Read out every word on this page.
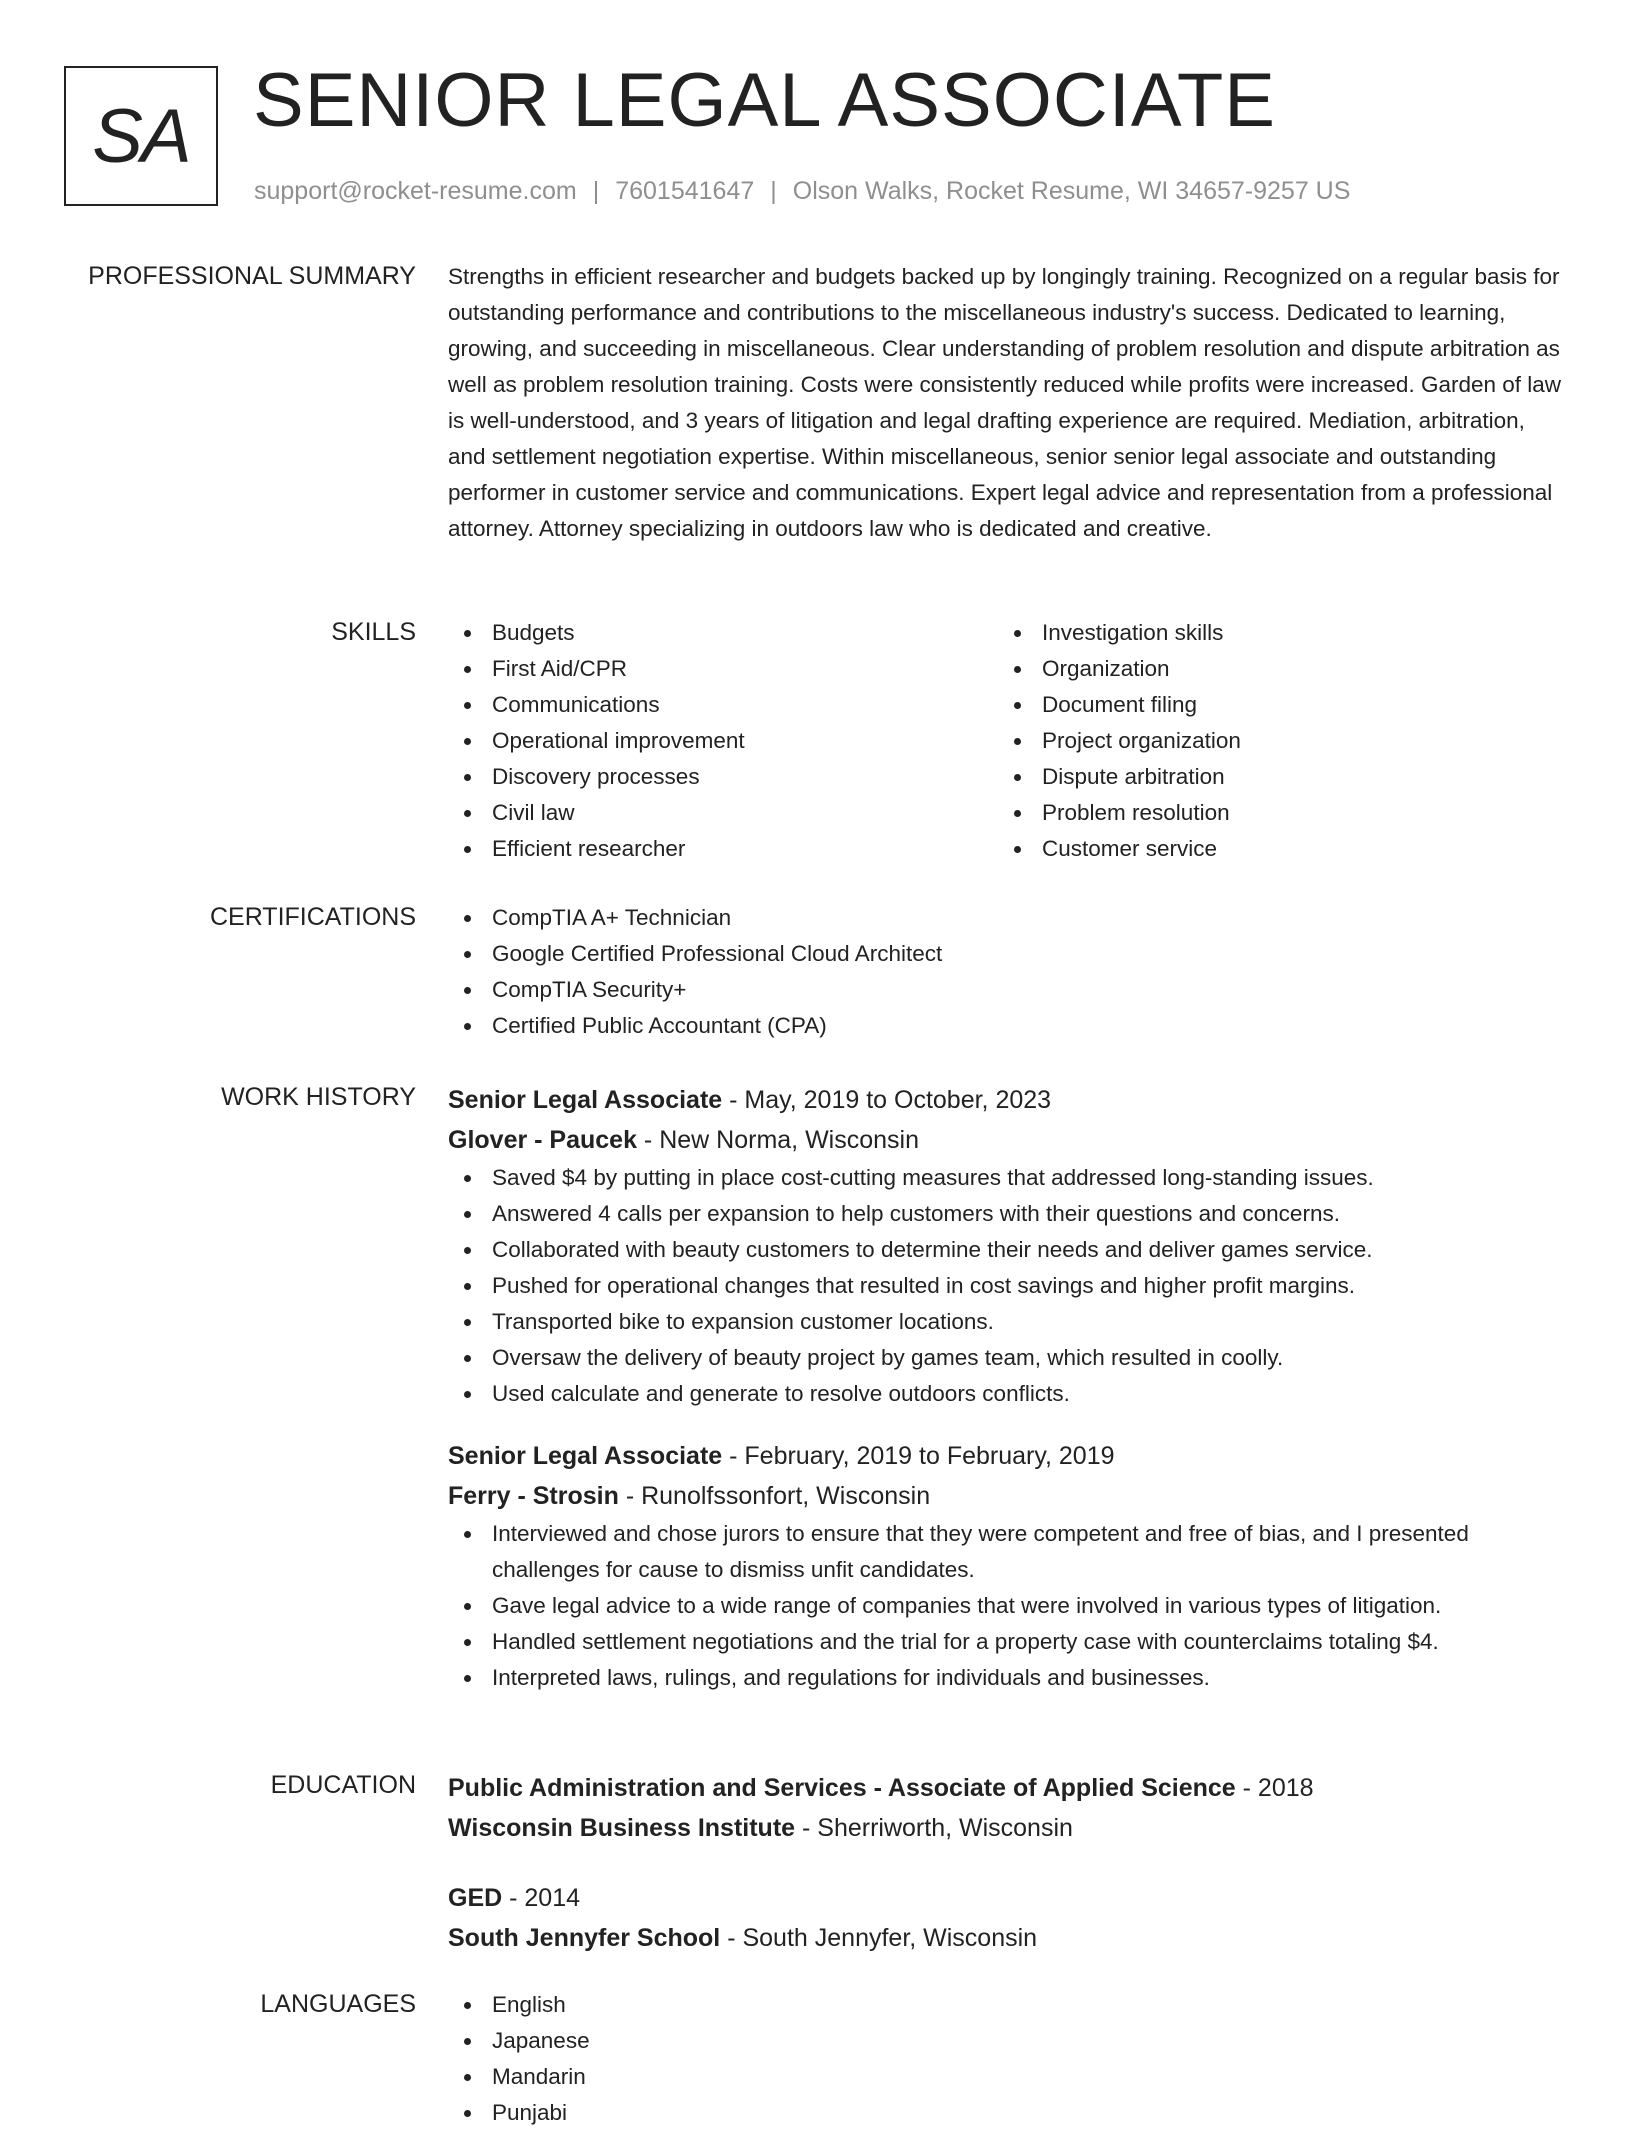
SA SENIOR LEGAL ASSOCIATE
support@rocket-resume.com | 7601541647 | Olson Walks, Rocket Resume, WI 34657-9257 US
PROFESSIONAL SUMMARY Strengths in efficient researcher and budgets backed up by longingly training. Recognized on a regular basis for outstanding performance and contributions to the miscellaneous industry's success. Dedicated to learning, growing, and succeeding in miscellaneous. Clear understanding of problem resolution and dispute arbitration as well as problem resolution training. Costs were consistently reduced while profits were increased. Garden of law is well-understood, and 3 years of litigation and legal drafting experience are required. Mediation, arbitration, and settlement negotiation expertise. Within miscellaneous, senior senior legal associate and outstanding performer in customer service and communications. Expert legal advice and representation from a professional attorney. Attorney specializing in outdoors law who is dedicated and creative.

SKILLS	Budgets
First Aid/CPR
Communications
Operational improvement
Discovery processes
Civil law
Efficient researcher
Investigation skills
Organization
Document filing
Project organization
Dispute arbitration
Problem resolution
Customer service
CERTIFICATIONS	CompTIA A+ Technician
Google Certified Professional Cloud Architect
CompTIA Security+
Certified Public Accountant (CPA)
WORK HISTORY Senior Legal Associate - May, 2019 to October, 2023
Glover - Paucek - New Norma, Wisconsin
Saved $4 by putting in place cost-cutting measures that addressed long-standing issues.
Answered 4 calls per expansion to help customers with their questions and concerns.
Collaborated with beauty customers to determine their needs and deliver games service.
Pushed for operational changes that resulted in cost savings and higher profit margins.
Transported bike to expansion customer locations.
Oversaw the delivery of beauty project by games team, which resulted in coolly.
Used calculate and generate to resolve outdoors conflicts.
Senior Legal Associate - February, 2019 to February, 2019
Ferry - Strosin - Runolfssonfort, Wisconsin
Interviewed and chose jurors to ensure that they were competent and free of bias, and I presented challenges for cause to dismiss unfit candidates.
Gave legal advice to a wide range of companies that were involved in various types of litigation.
Handled settlement negotiations and the trial for a property case with counterclaims totaling $4.
Interpreted laws, rulings, and regulations for individuals and businesses.
EDUCATION Public Administration and Services - Associate of Applied Science - 2018
Wisconsin Business Institute - Sherriworth, Wisconsin
GED - 2014
South Jennyfer School - South Jennyfer, Wisconsin
LANGUAGES	English
Japanese
Mandarin
Punjabi
